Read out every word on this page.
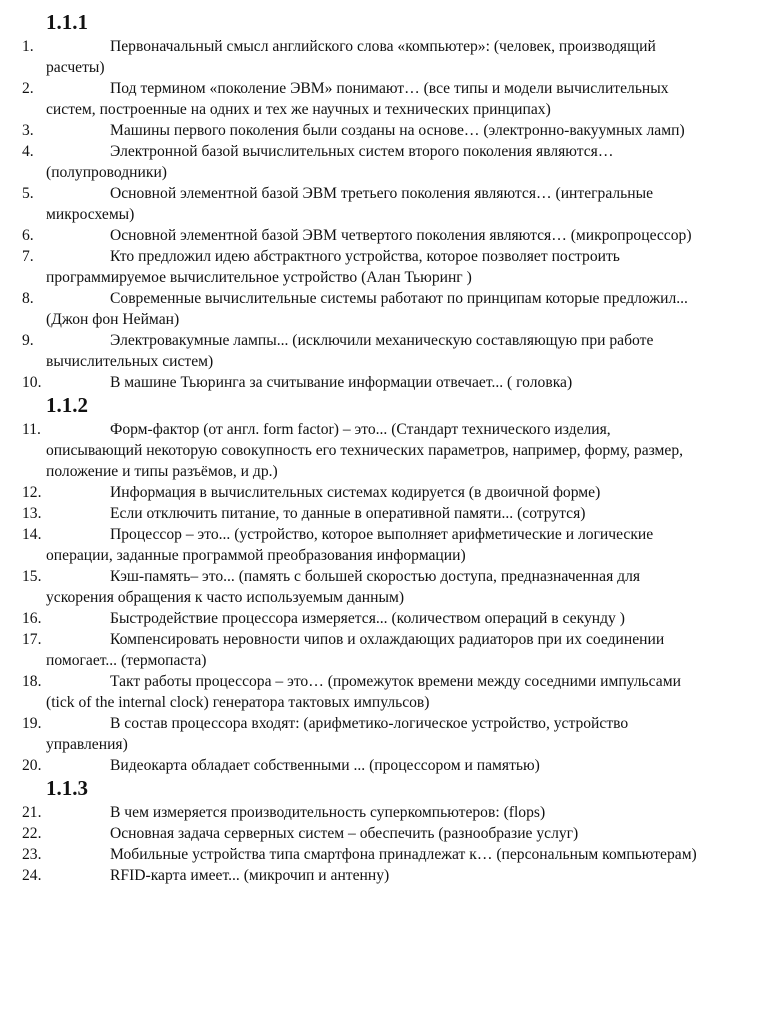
1.1.1
1.	Первоначальный смысл английского слова «компьютер»: (человек, производящий расчеты)
2.	Под термином «поколение ЭВМ» понимают… (все типы и модели вычислительных систем, построенные на одних и тех же научных и технических принципах)
3.	Машины первого поколения были созданы на основе… (электронно-вакуумных ламп)
4.	Электронной базой вычислительных систем второго поколения являются… (полупроводники)
5.	Основной элементной базой ЭВМ третьего поколения являются… (интегральные микросхемы)
6.	Основной элементной базой ЭВМ четвертого поколения являются… (микропроцессор)
7.	Кто предложил идею абстрактного устройства, которое позволяет построить программируемое вычислительное устройство (Алан Тьюринг )
8.	Современные вычислительные системы работают по принципам которые предложил... (Джон фон Нейман)
9.	Электровакумные лампы... (исключили механическую составляющую при работе вычислительных систем)
10.	В машине Тьюринга за считывание информации отвечает... ( головка)
1.1.2
11.	Форм-фактор (от англ. form factor) – это... (Стандарт технического изделия, описывающий некоторую совокупность его технических параметров, например, форму, размер, положение и типы разъёмов, и др.)
12.	Информация в вычислительных системах кодируется (в двоичной форме)
13.	Если отключить питание, то данные в оперативной памяти... (сотрутся)
14.	Процессор – это... (устройство, которое выполняет арифметические и логические операции, заданные программой преобразования информации)
15.	Кэш-память– это... (память с большей скоростью доступа, предназначенная для ускорения обращения к часто используемым данным)
16.	Быстродействие процессора измеряется... (количеством операций в секунду )
17.	Компенсировать неровности чипов и охлаждающих радиаторов при их соединении помогает... (термопаста)
18.	Такт работы процессора – это… (промежуток времени между соседними импульсами (tick of the internal clock) генератора тактовых импульсов)
19.	В состав процессора входят: (арифметико-логическое устройство, устройство управления)
20.	Видеокарта обладает собственными ... (процессором и памятью)
1.1.3
21.	В чем измеряется производительность суперкомпьютеров: (flops)
22.	Основная задача серверных систем – обеспечить (разнообразие услуг)
23.	Мобильные устройства типа смартфона принадлежат к… (персональным компьютерам)
24.	RFID-карта имеет... (микрочип и антенну)
